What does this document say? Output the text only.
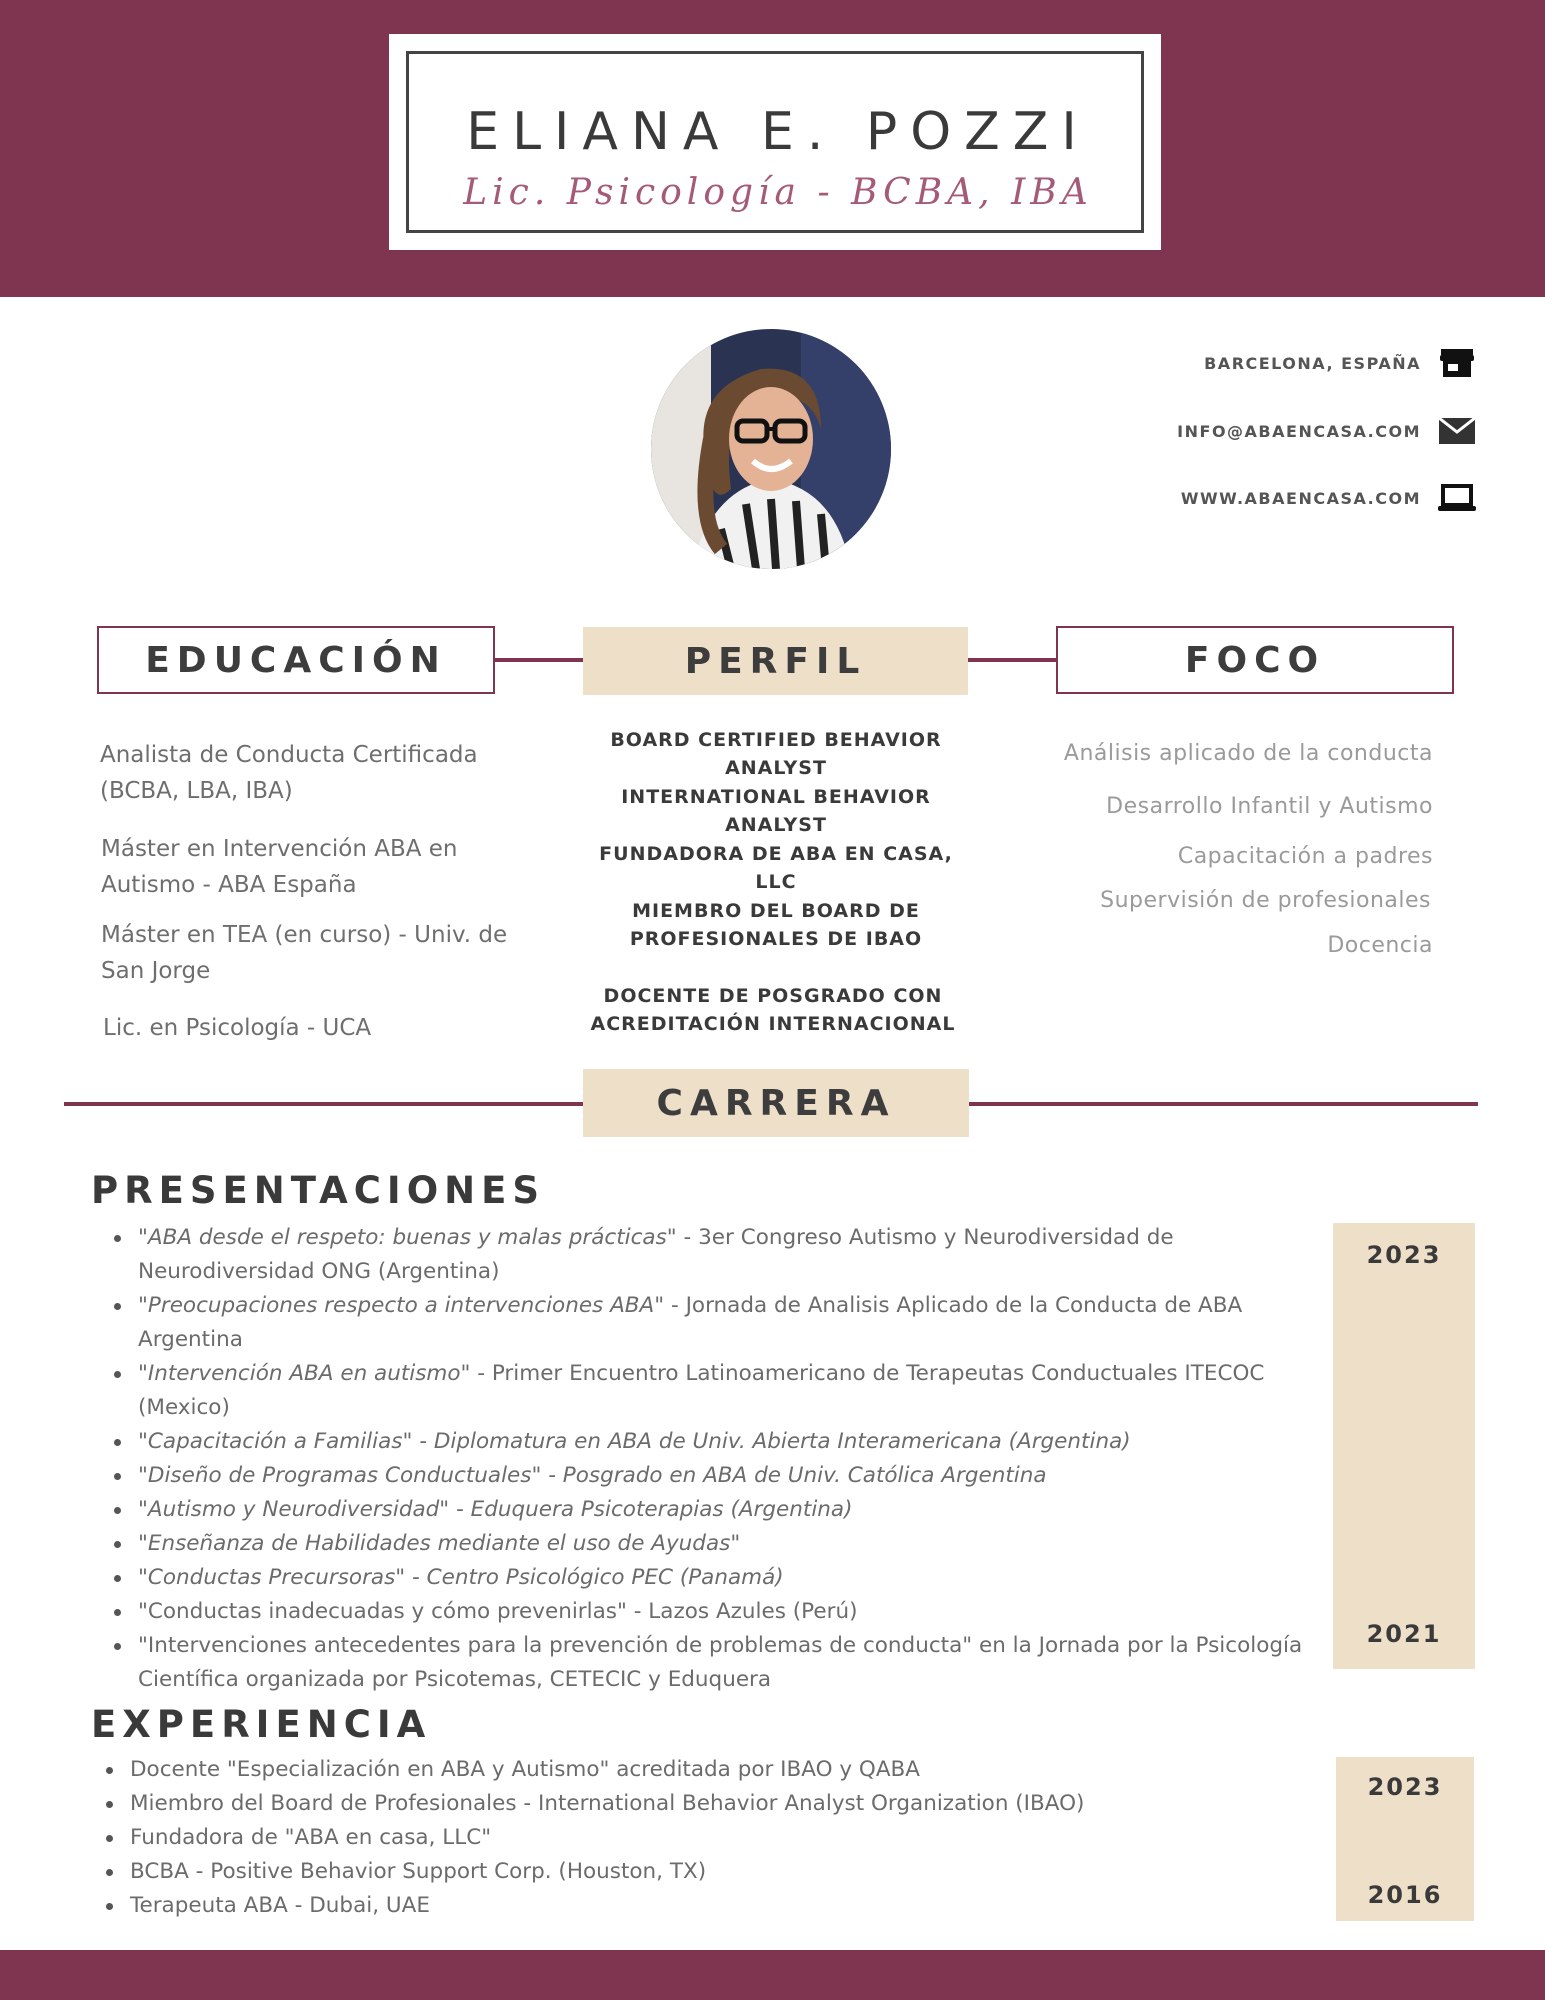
ELIANA E. POZZI
Lic. Psicología - BCBA, IBA
BARCELONA, ESPAÑA
INFO@ABAENCASA.COM
WWW.ABAENCASA.COM
EDUCACIÓN	PERFIL	FOCO
Analista de Conducta Certificada (BCBA, LBA, IBA)
Máster en Intervención ABA en Autismo - ABA España
Máster en TEA (en curso) - Univ. de San Jorge
Lic. en Psicología - UCA
BOARD CERTIFIED BEHAVIOR ANALYST
INTERNATIONAL BEHAVIOR ANALYST
FUNDADORA DE ABA EN CASA, LLC
MIEMBRO DEL BOARD DE PROFESIONALES DE IBAO
DOCENTE DE POSGRADO CON ACREDITACIÓN INTERNACIONAL
Análisis aplicado de la conducta
Desarrollo Infantil y Autismo
Capacitación a padres
Supervisión de profesionales
Docencia
CARRERA
PRESENTACIONES
"ABA desde el respeto: buenas y malas prácticas" - 3er Congreso Autismo y Neurodiversidad de Neurodiversidad ONG (Argentina)
"Preocupaciones respecto a intervenciones ABA" - Jornada de Analisis Aplicado de la Conducta de ABA Argentina
"Intervención ABA en autismo" - Primer Encuentro Latinoamericano de Terapeutas Conductuales ITECOC (Mexico)
"Capacitación a Familias" - Diplomatura en ABA de Univ. Abierta Interamericana (Argentina)
"Diseño de Programas Conductuales" - Posgrado en ABA de Univ. Católica Argentina
"Autismo y Neurodiversidad" - Eduquera Psicoterapias (Argentina)
"Enseñanza de Habilidades mediante el uso de Ayudas"
"Conductas Precursoras" - Centro Psicológico PEC (Panamá)
"Conductas inadecuadas y cómo prevenirlas" - Lazos Azules (Perú)
"Intervenciones antecedentes para la prevención de problemas de conducta" en la Jornada por la Psicología Científica organizada por Psicotemas, CETECIC y Eduquera
2023
2021
EXPERIENCIA
Docente "Especialización en ABA y Autismo" acreditada por IBAO y QABA
Miembro del Board de Profesionales - International Behavior Analyst Organization (IBAO)
Fundadora de "ABA en casa, LLC"
BCBA - Positive Behavior Support Corp. (Houston, TX)
Terapeuta ABA - Dubai, UAE
2023
2016
